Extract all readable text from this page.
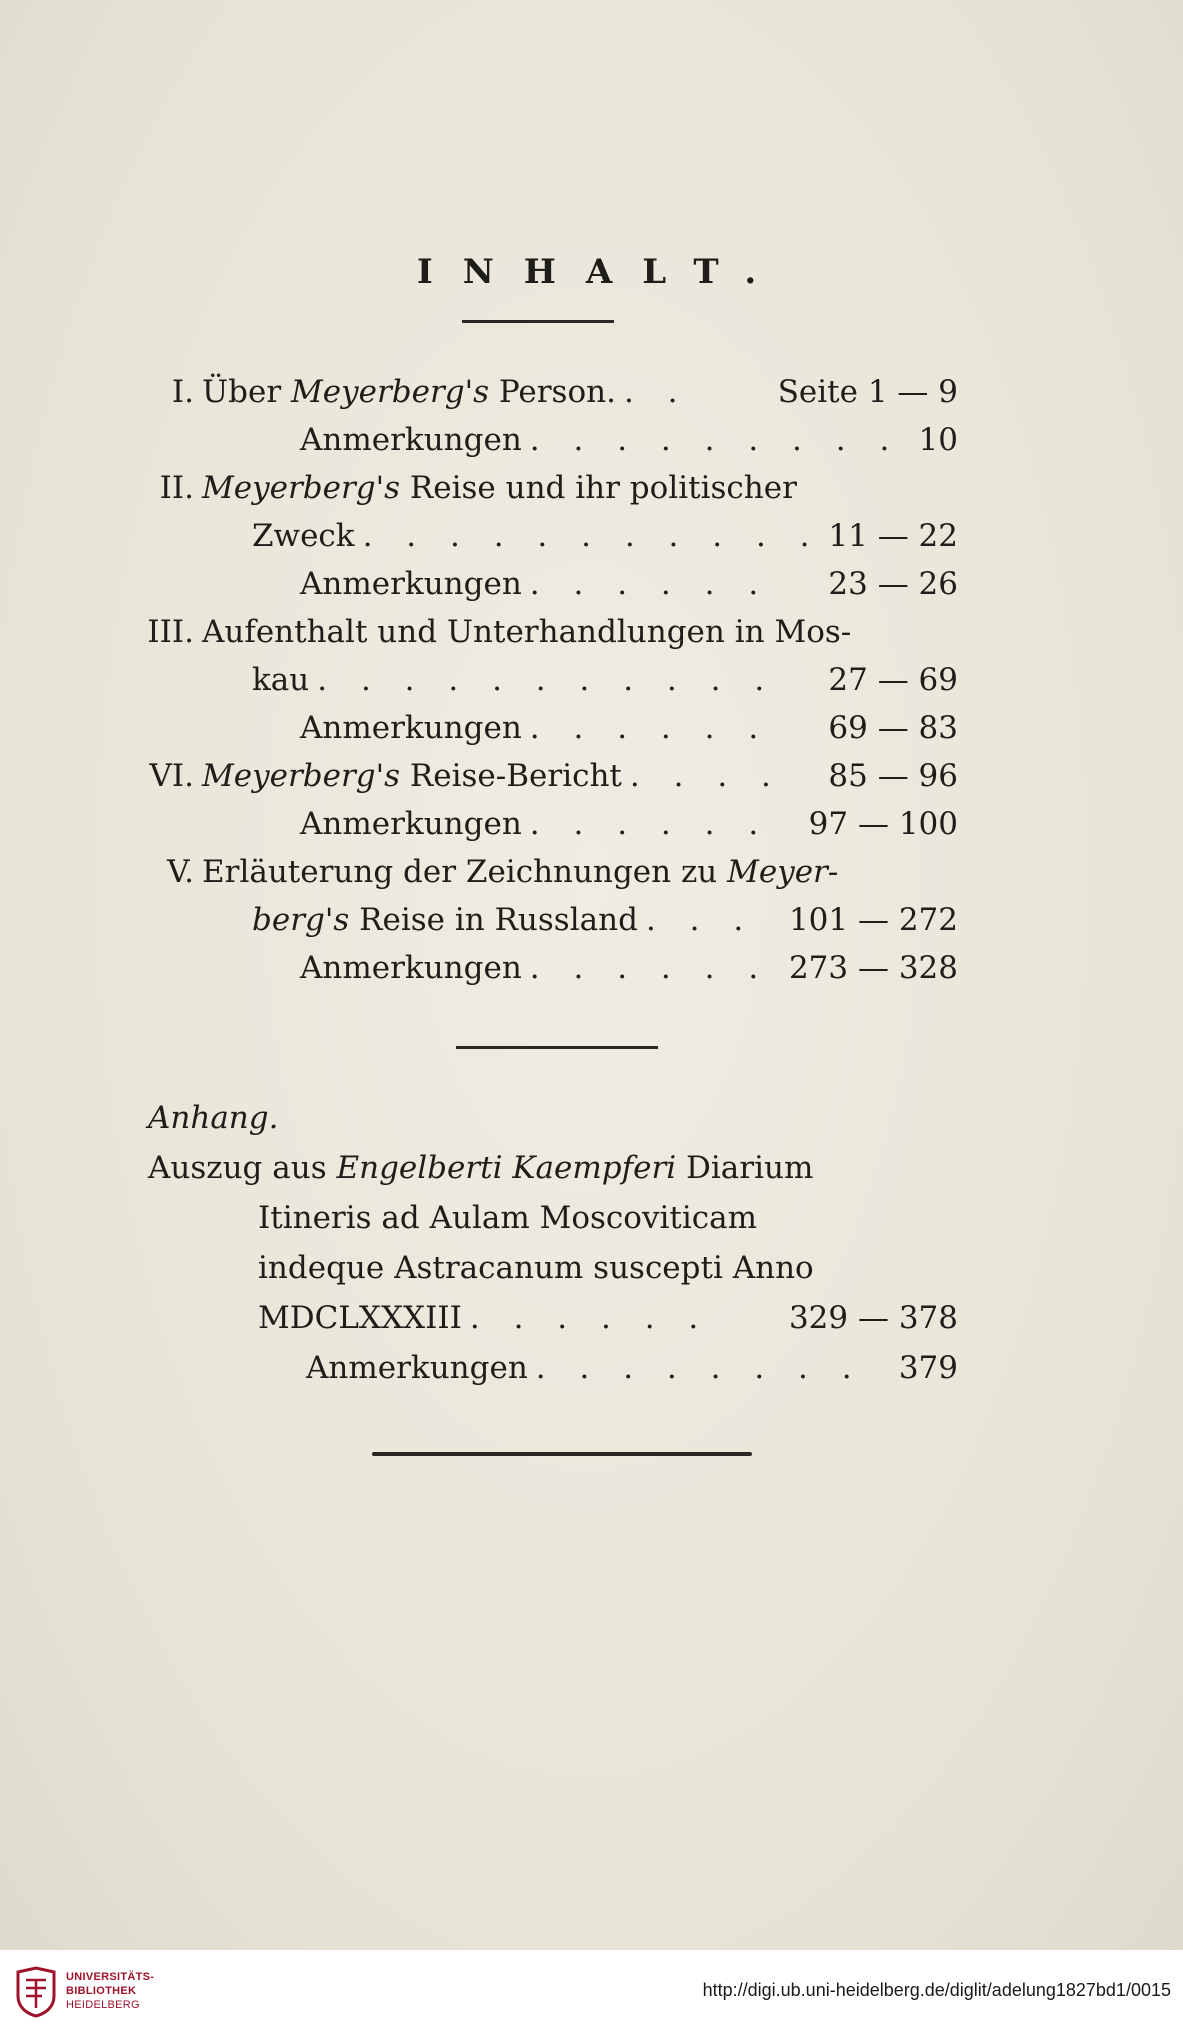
INHALT.
I. Über Meyerberg's Person. . .	Seite 1 — 9
Anmerkungen . . . . . . . . . 10
II. Meyerberg's Reise und ihr politischer
Zweck . . . . . . . . . . . 11 — 22
Anmerkungen . . . . . . 23 — 26
III. Aufenthalt und Unterhandlungen in Mos-
kau . . . . . . . . . . . 27 — 69
Anmerkungen . . . . . . 69 — 83
VI. Meyerberg's Reise-Bericht . . . . 85 — 96
Anmerkungen . . . . . . 97 — 100
V. Erläuterung der Zeichnungen zu Meyer-
berg's Reise in Russland . . . 101 — 272
Anmerkungen . . . . . . 273 — 328
Anhang.
Auszug aus Engelberti Kaempferi Diarium
Itineris ad Aulam Moscoviticam
indeque Astracanum suscepti Anno
MDCLXXXIII . . . . . .	329 — 378
Anmerkungen . . . . . . . . 379
UNIVERSITÄTS-
BIBLIOTHEK
HEIDELBERG
http://digi.ub.uni-heidelberg.de/diglit/adelung1827bd1/0015
